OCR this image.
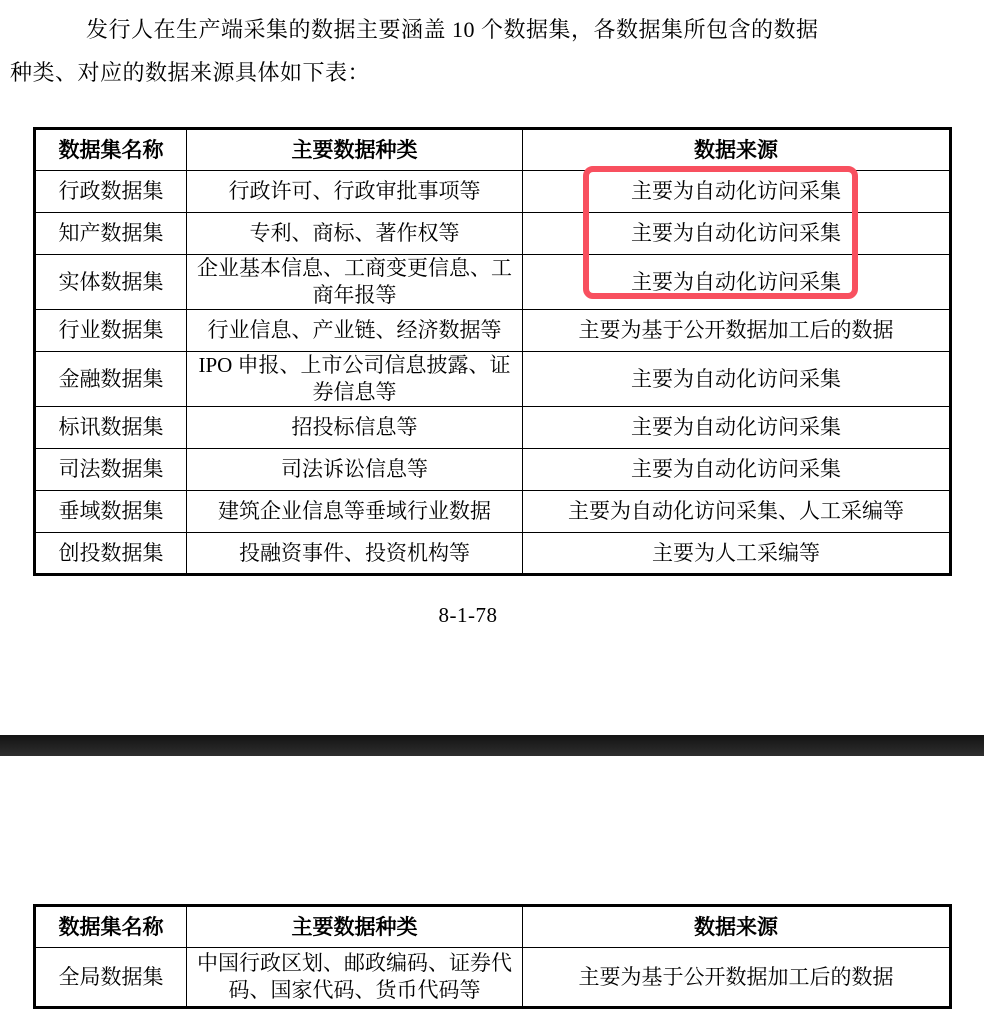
发行人在生产端采集的数据主要涵盖 10 个数据集，各数据集所包含的数据
种类、对应的数据来源具体如下表：
数据集名称	主要数据种类	数据来源
行政数据集	行政许可、行政审批事项等	主要为自动化访问采集
知产数据集	专利、商标、著作权等	主要为自动化访问采集
实体数据集	企业基本信息、工商变更信息、工商年报等	主要为自动化访问采集
行业数据集	行业信息、产业链、经济数据等	主要为基于公开数据加工后的数据
金融数据集	IPO 申报、上市公司信息披露、证券信息等	主要为自动化访问采集
标讯数据集	招投标信息等	主要为自动化访问采集
司法数据集	司法诉讼信息等	主要为自动化访问采集
垂域数据集	建筑企业信息等垂域行业数据	主要为自动化访问采集、人工采编等
创投数据集	投融资事件、投资机构等	主要为人工采编等
8-1-78
数据集名称	主要数据种类	数据来源
全局数据集	中国行政区划、邮政编码、证券代码、国家代码、货币代码等	主要为基于公开数据加工后的数据
